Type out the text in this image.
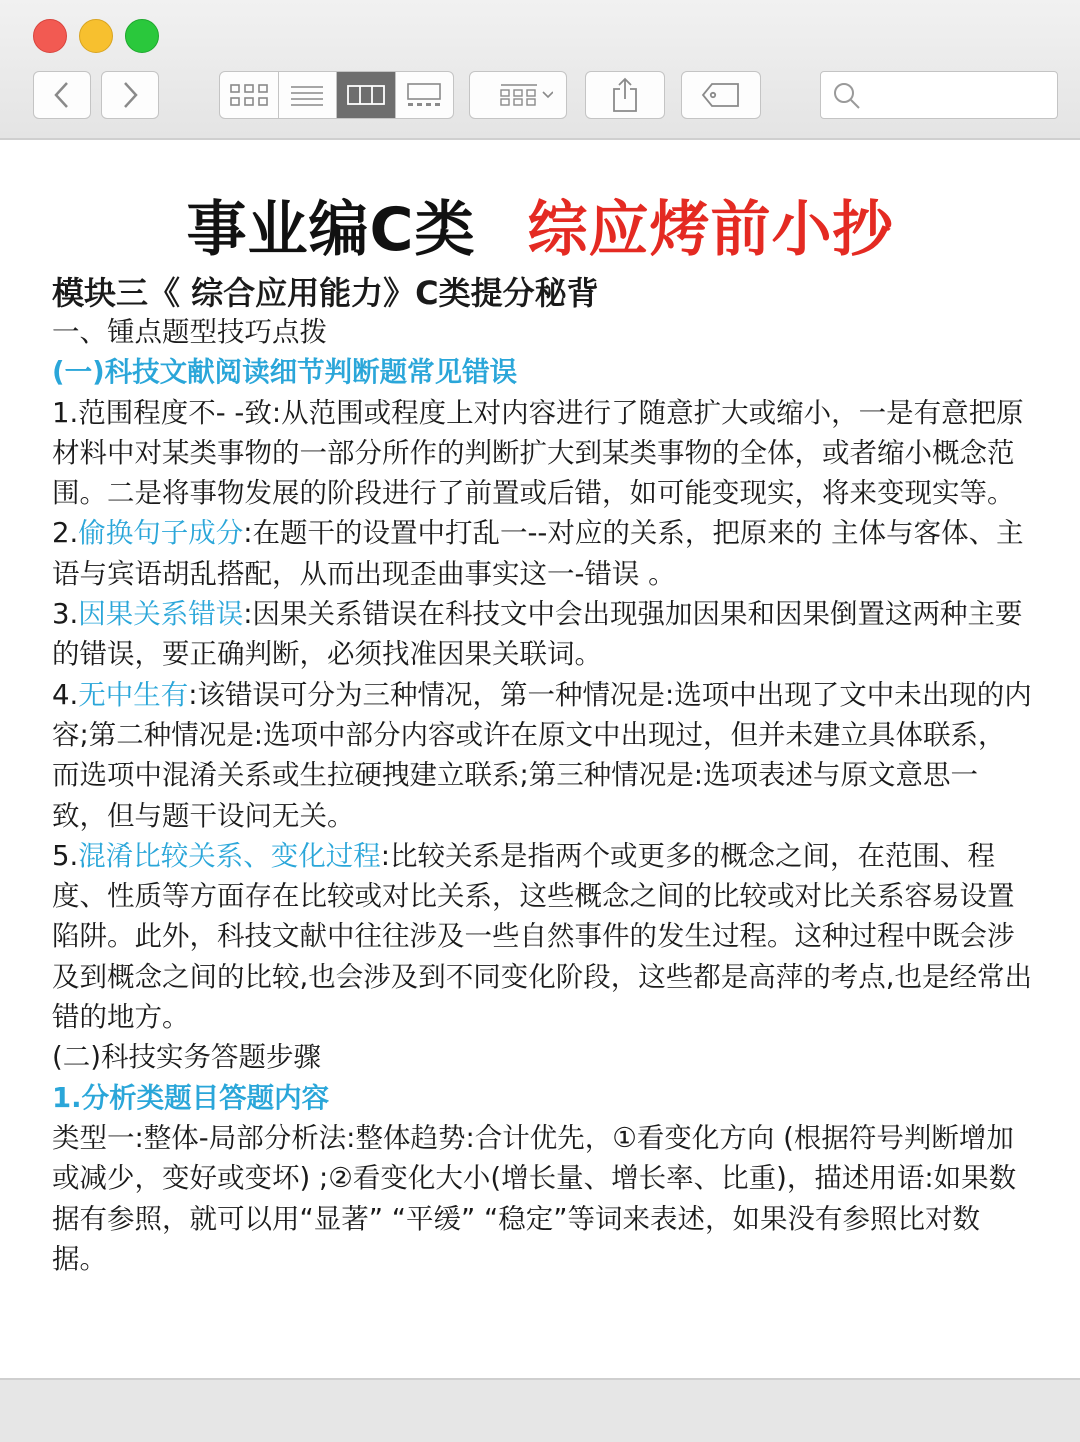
事业编C类 综应烤前小抄

模块三《 综合应用能力》C类提分秘背

一、锺点题型技巧点拨

(一)科技文献阅读细节判断题常见错误

1.范围程度不- -致:从范围或程度上对内容进行了随意扩大或缩小，一是有意把原材料中对某类事物的一部分所作的判断扩大到某类事物的全体，或者缩小概念范围。二是将事物发展的阶段进行了前置或后错，如可能变现实，将来变现实等。

2.偷换句子成分:在题干的设置中打乱一--对应的关系，把原来的 主体与客体、主语与宾语胡乱搭配，从而出现歪曲事实这一-错误 。

3.因果关系错误:因果关系错误在科技文中会出现强加因果和因果倒置这两种主要的错误，要正确判断，必须找准因果关联词。

4.无中生有:该错误可分为三种情况，第一种情况是:选项中出现了文中未出现的内容;第二种情况是:选项中部分内容或许在原文中出现过，但并未建立具体联系，而选项中混淆关系或生拉硬拽建立联系;第三种情况是:选项表述与原文意思一致，但与题干设问无关。

5.混淆比较关系、变化过程:比较关系是指两个或更多的概念之间，在范围、程度、性质等方面存在比较或对比关系，这些概念之间的比较或对比关系容易设置陷阱。此外，科技文献中往往涉及一些自然事件的发生过程。这种过程中既会涉及到概念之间的比较,也会涉及到不同变化阶段，这些都是高萍的考点,也是经常出错的地方。

(二)科技实务答题步骤

1.分析类题目答题内容

类型一:整体-局部分析法:整体趋势:合计优先，①看变化方向 (根据符号判断增加或减少，变好或变坏) ;②看变化大小(增长量、增长率、比重)，描述用语:如果数据有参照，就可以用“显著” “平缓” “稳定”等词来表述，如果没有参照比对数据。
